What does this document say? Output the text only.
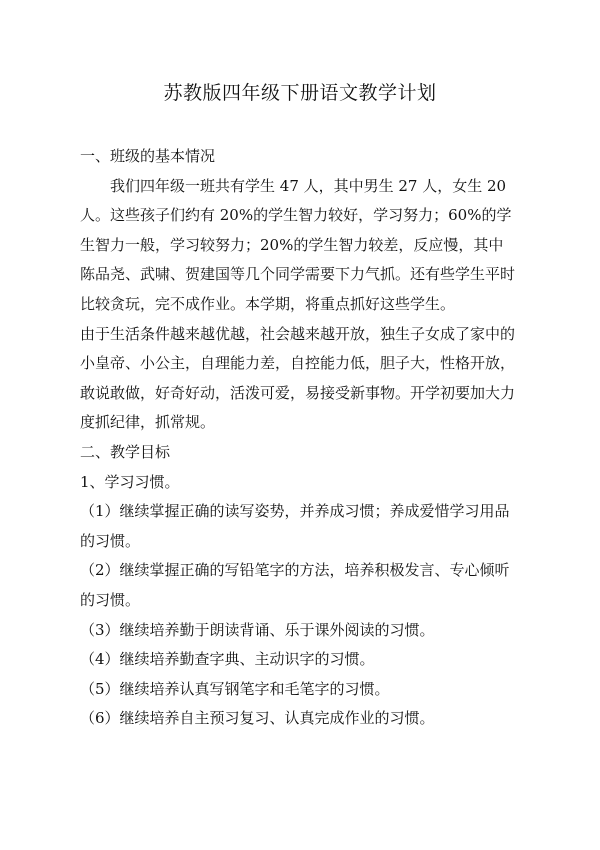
苏教版四年级下册语文教学计划

一、班级的基本情况

我们四年级一班共有学生 47 人，其中男生 27 人，女生 20 人。这些孩子们约有 20%的学生智力较好，学习努力；60%的学生智力一般，学习较努力；20%的学生智力较差，反应慢，其中陈品尧、武啸、贺建国等几个同学需要下力气抓。还有些学生平时比较贪玩，完不成作业。本学期，将重点抓好这些学生。

由于生活条件越来越优越，社会越来越开放，独生子女成了家中的小皇帝、小公主，自理能力差，自控能力低，胆子大，性格开放，敢说敢做，好奇好动，活泼可爱，易接受新事物。开学初要加大力度抓纪律，抓常规。

二、教学目标

1、学习习惯。

（1）继续掌握正确的读写姿势，并养成习惯；养成爱惜学习用品的习惯。

（2）继续掌握正确的写铅笔字的方法，培养积极发言、专心倾听的习惯。

（3）继续培养勤于朗读背诵、乐于课外阅读的习惯。

（4）继续培养勤查字典、主动识字的习惯。

（5）继续培养认真写钢笔字和毛笔字的习惯。

（6）继续培养自主预习复习、认真完成作业的习惯。
